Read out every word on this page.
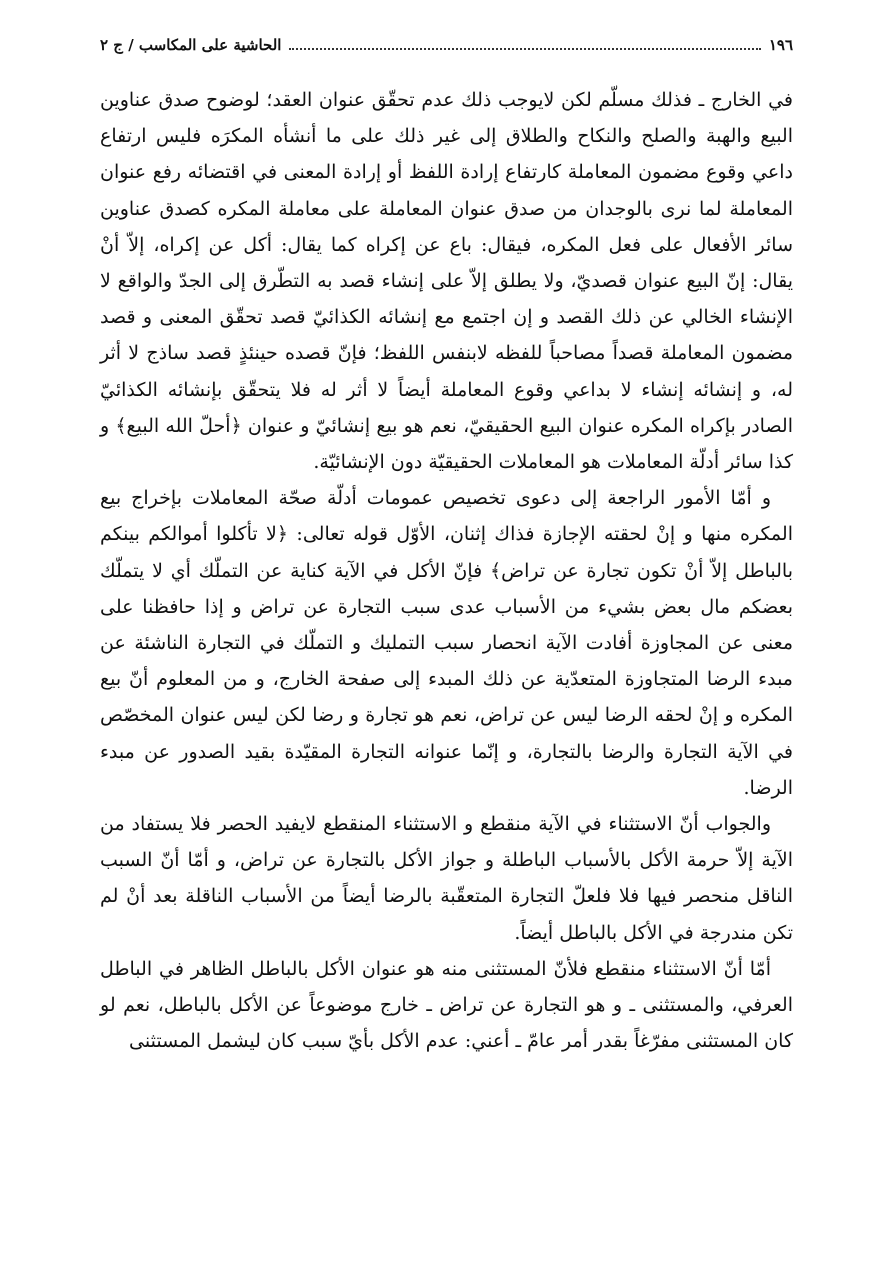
١٩٦
الحاشية على المكاسب / ج ٢

في الخارج ـ فذلك مسلّم لكن لايوجب ذلك عدم تحقّق عنوان العقد؛ لوضوح صدق عناوين البيع والهبة والصلح والنكاح والطلاق إلى غير ذلك على ما أنشأه المكرَه فليس ارتفاع داعي وقوع مضمون المعاملة كارتفاع إرادة اللفظ أو إرادة المعنى في اقتضائه رفع عنوان المعاملة لما نرى بالوجدان من صدق عنوان المعاملة على معاملة المكره كصدق عناوين سائر الأفعال على فعل المكره، فيقال: باع عن إكراه كما يقال: أكل عن إكراه، إلاّ أنْ يقال: إنّ البيع عنوان قصديّ، ولا يطلق إلاّ على إنشاء قصد به التطّرق إلى الجدّ والواقع لا الإنشاء الخالي عن ذلك القصد و إن اجتمع مع إنشائه الكذائيّ قصد تحقّق المعنى و قصد مضمون المعاملة قصداً مصاحباً للفظه لابنفس اللفظ؛ فإنّ قصده حينئذٍ قصد ساذج لا أثر له، و إنشائه إنشاء لا بداعي وقوع المعاملة أيضاً لا أثر له فلا يتحقّق بإنشائه الكذائيّ الصادر بإكراه المكره عنوان البيع الحقيقيّ، نعم هو بيع إنشائيّ و عنوان ﴿أحلّ الله البيع﴾ و كذا سائر أدلّة المعاملات هو المعاملات الحقيقيّة دون الإنشائيّة.

و أمّا الأمور الراجعة إلى دعوى تخصيص عمومات أدلّة صحّة المعاملات بإخراج بيع المكره منها و إنْ لحقته الإجازة فذاك إثنان، الأوّل قوله تعالى: ﴿لا تأكلوا أموالكم بينكم بالباطل إلاّ أنْ تكون تجارة عن تراض﴾ فإنّ الأكل في الآية كناية عن التملّك أي لا يتملّك بعضكم مال بعض بشيء من الأسباب عدى سبب التجارة عن تراض و إذا حافظنا على معنى عن المجاوزة أفادت الآية انحصار سبب التمليك و التملّك في التجارة الناشئة عن مبدء الرضا المتجاوزة المتعدّية عن ذلك المبدء إلى صفحة الخارج، و من المعلوم أنّ بيع المكره و إنْ لحقه الرضا ليس عن تراض، نعم هو تجارة و رضا لكن ليس عنوان المخصّص في الآية التجارة والرضا بالتجارة، و إنّما عنوانه التجارة المقيّدة بقيد الصدور عن مبدء الرضا.

والجواب أنّ الاستثناء في الآية منقطع و الاستثناء المنقطع لايفيد الحصر فلا يستفاد من الآية إلاّ حرمة الأكل بالأسباب الباطلة و جواز الأكل بالتجارة عن تراض، و أمّا أنّ السبب الناقل منحصر فيها فلا فلعلّ التجارة المتعقّبة بالرضا أيضاً من الأسباب الناقلة بعد أنْ لم تكن مندرجة في الأكل بالباطل أيضاً.

أمّا أنّ الاستثناء منقطع فلأنّ المستثنى منه هو عنوان الأكل بالباطل الظاهر في الباطل العرفي، والمستثنى ـ و هو التجارة عن تراض ـ خارج موضوعاً عن الأكل بالباطل، نعم لو كان المستثنى مفرّغاً بقدر أمر عامّ ـ أعني: عدم الأكل بأيّ سبب كان ليشمل المستثنى
